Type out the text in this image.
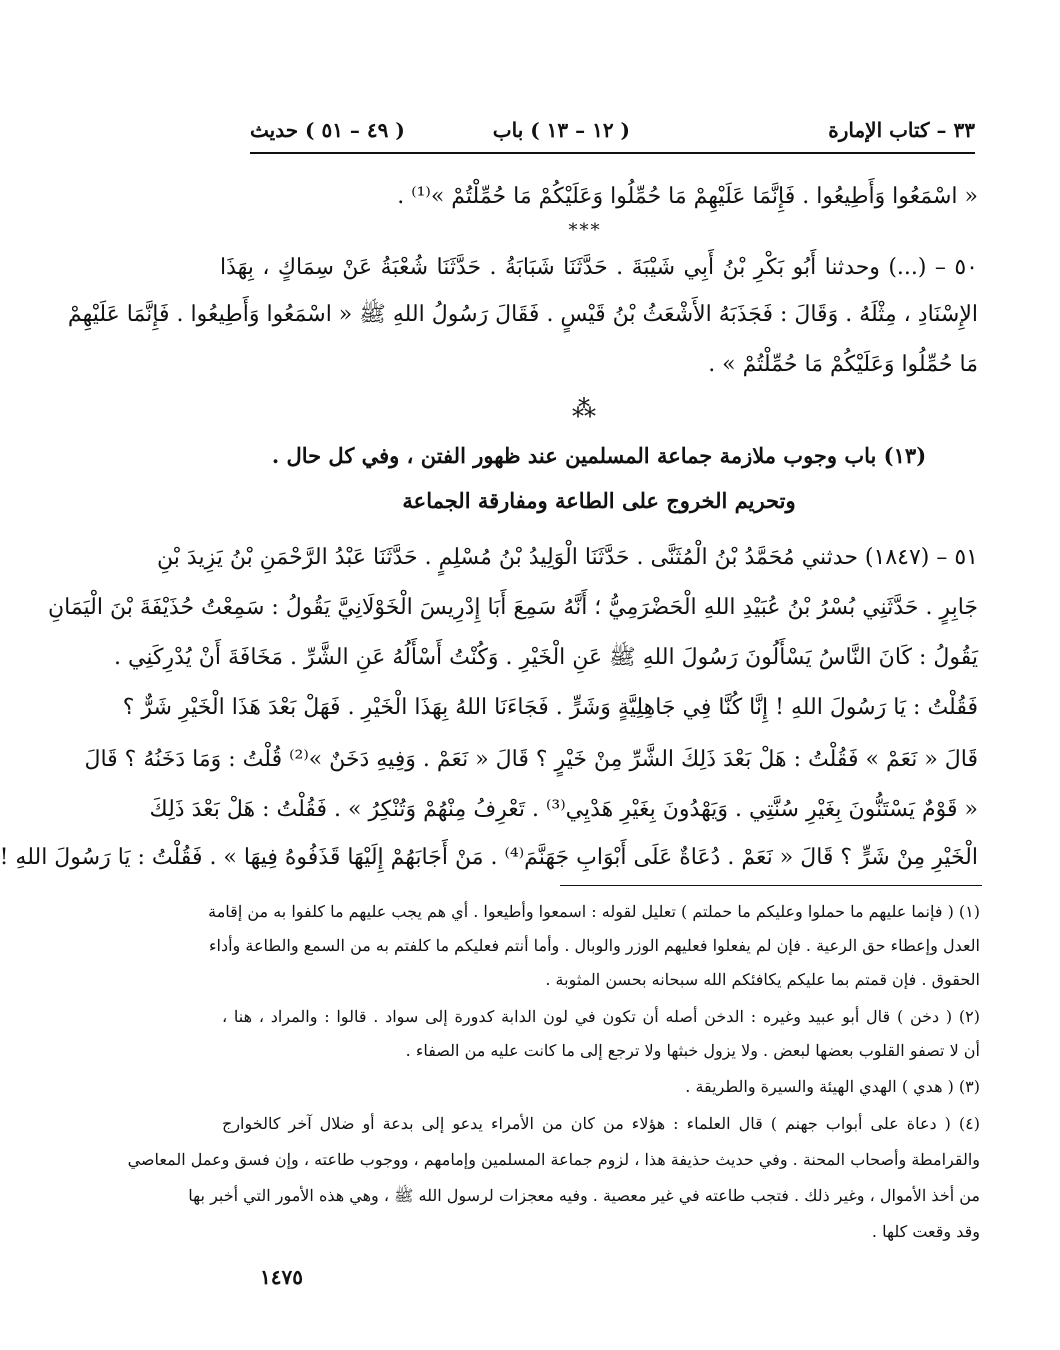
٣٣ – كتاب الإمارة
( ١٢ – ١٣ ) باب
( ٤٩ – ٥١ ) حديث
« اسْمَعُوا وَأَطِيعُوا . فَإِنَّمَا عَلَيْهِمْ مَا حُمِّلُوا وَعَلَيْكُمْ مَا حُمِّلْتُمْ »⁽¹⁾ .
***
٥٠ – (...) وحدثنا أَبُو بَكْرِ بْنُ أَبِي شَيْبَةَ . حَدَّثَنَا شَبَابَةُ . حَدَّثَنَا شُعْبَةُ عَنْ سِمَاكٍ ، بِهَذَا
الإِسْنَادِ ، مِثْلَهُ . وَقَالَ : فَجَذَبَهُ الأَشْعَثُ بْنُ قَيْسٍ . فَقَالَ رَسُولُ اللهِ ﷺ « اسْمَعُوا وَأَطِيعُوا . فَإِنَّمَا عَلَيْهِمْ
مَا حُمِّلُوا وَعَلَيْكُمْ مَا حُمِّلْتُمْ » .
⁂
(١٣) باب وجوب ملازمة جماعة المسلمين عند ظهور الفتن ، وفي كل حال .
وتحريم الخروج على الطاعة ومفارقة الجماعة
٥١ – (١٨٤٧) حدثني مُحَمَّدُ بْنُ الْمُثَنَّى . حَدَّثَنَا الْوَلِيدُ بْنُ مُسْلِمٍ . حَدَّثَنَا عَبْدُ الرَّحْمَنِ بْنُ يَزِيدَ بْنِ
جَابِرٍ . حَدَّثَنِي بُسْرُ بْنُ عُبَيْدِ اللهِ الْحَضْرَمِيُّ ؛ أَنَّهُ سَمِعَ أَبَا إِدْرِيسَ الْخَوْلَانِيَّ يَقُولُ : سَمِعْتُ حُذَيْفَةَ بْنَ الْيَمَانِ
يَقُولُ : كَانَ النَّاسُ يَسْأَلُونَ رَسُولَ اللهِ ﷺ عَنِ الْخَيْرِ . وَكُنْتُ أَسْأَلُهُ عَنِ الشَّرِّ . مَخَافَةَ أَنْ يُدْرِكَنِي .
فَقُلْتُ : يَا رَسُولَ اللهِ ! إِنَّا كُنَّا فِي جَاهِلِيَّةٍ وَشَرٍّ . فَجَاءَنَا اللهُ بِهَذَا الْخَيْرِ . فَهَلْ بَعْدَ هَذَا الْخَيْرِ شَرٌّ ؟
قَالَ « نَعَمْ » فَقُلْتُ : هَلْ بَعْدَ ذَلِكَ الشَّرِّ مِنْ خَيْرٍ ؟ قَالَ « نَعَمْ . وَفِيهِ دَخَنٌ »⁽²⁾ قُلْتُ : وَمَا دَخَنُهُ ؟ قَالَ
« قَوْمٌ يَسْتَنُّونَ بِغَيْرِ سُنَّتِي . وَيَهْدُونَ بِغَيْرِ هَدْيِي⁽³⁾ . تَعْرِفُ مِنْهُمْ وَتُنْكِرُ » . فَقُلْتُ : هَلْ بَعْدَ ذَلِكَ
الْخَيْرِ مِنْ شَرٍّ ؟ قَالَ « نَعَمْ . دُعَاةٌ عَلَى أَبْوَابِ جَهَنَّمَ⁽⁴⁾ . مَنْ أَجَابَهُمْ إِلَيْهَا قَذَفُوهُ فِيهَا » . فَقُلْتُ : يَا رَسُولَ اللهِ !
(١) ( فإنما عليهم ما حملوا وعليكم ما حملتم ) تعليل لقوله : اسمعوا وأطيعوا . أي هم يجب عليهم ما كلفوا به من إقامة
العدل وإعطاء حق الرعية . فإن لم يفعلوا فعليهم الوزر والوبال . وأما أنتم فعليكم ما كلفتم به من السمع والطاعة وأداء
الحقوق . فإن قمتم بما عليكم يكافئكم الله سبحانه بحسن المثوبة .
(٢) ( دخن ) قال أبو عبيد وغيره : الدخن أصله أن تكون في لون الدابة كدورة إلى سواد . قالوا : والمراد ، هنا ،
أن لا تصفو القلوب بعضها لبعض . ولا يزول خبثها ولا ترجع إلى ما كانت عليه من الصفاء .
(٣) ( هدي ) الهدي الهيئة والسيرة والطريقة .
(٤) ( دعاة على أبواب جهنم ) قال العلماء : هؤلاء من كان من الأمراء يدعو إلى بدعة أو ضلال آخر كالخوارج
والقرامطة وأصحاب المحنة . وفي حديث حذيفة هذا ، لزوم جماعة المسلمين وإمامهم ، ووجوب طاعته ، وإن فسق وعمل المعاصي
من أخذ الأموال ، وغير ذلك . فتجب طاعته في غير معصية . وفيه معجزات لرسول الله ﷺ ، وهي هذه الأمور التي أخبر بها
وقد وقعت كلها .
١٤٧٥
